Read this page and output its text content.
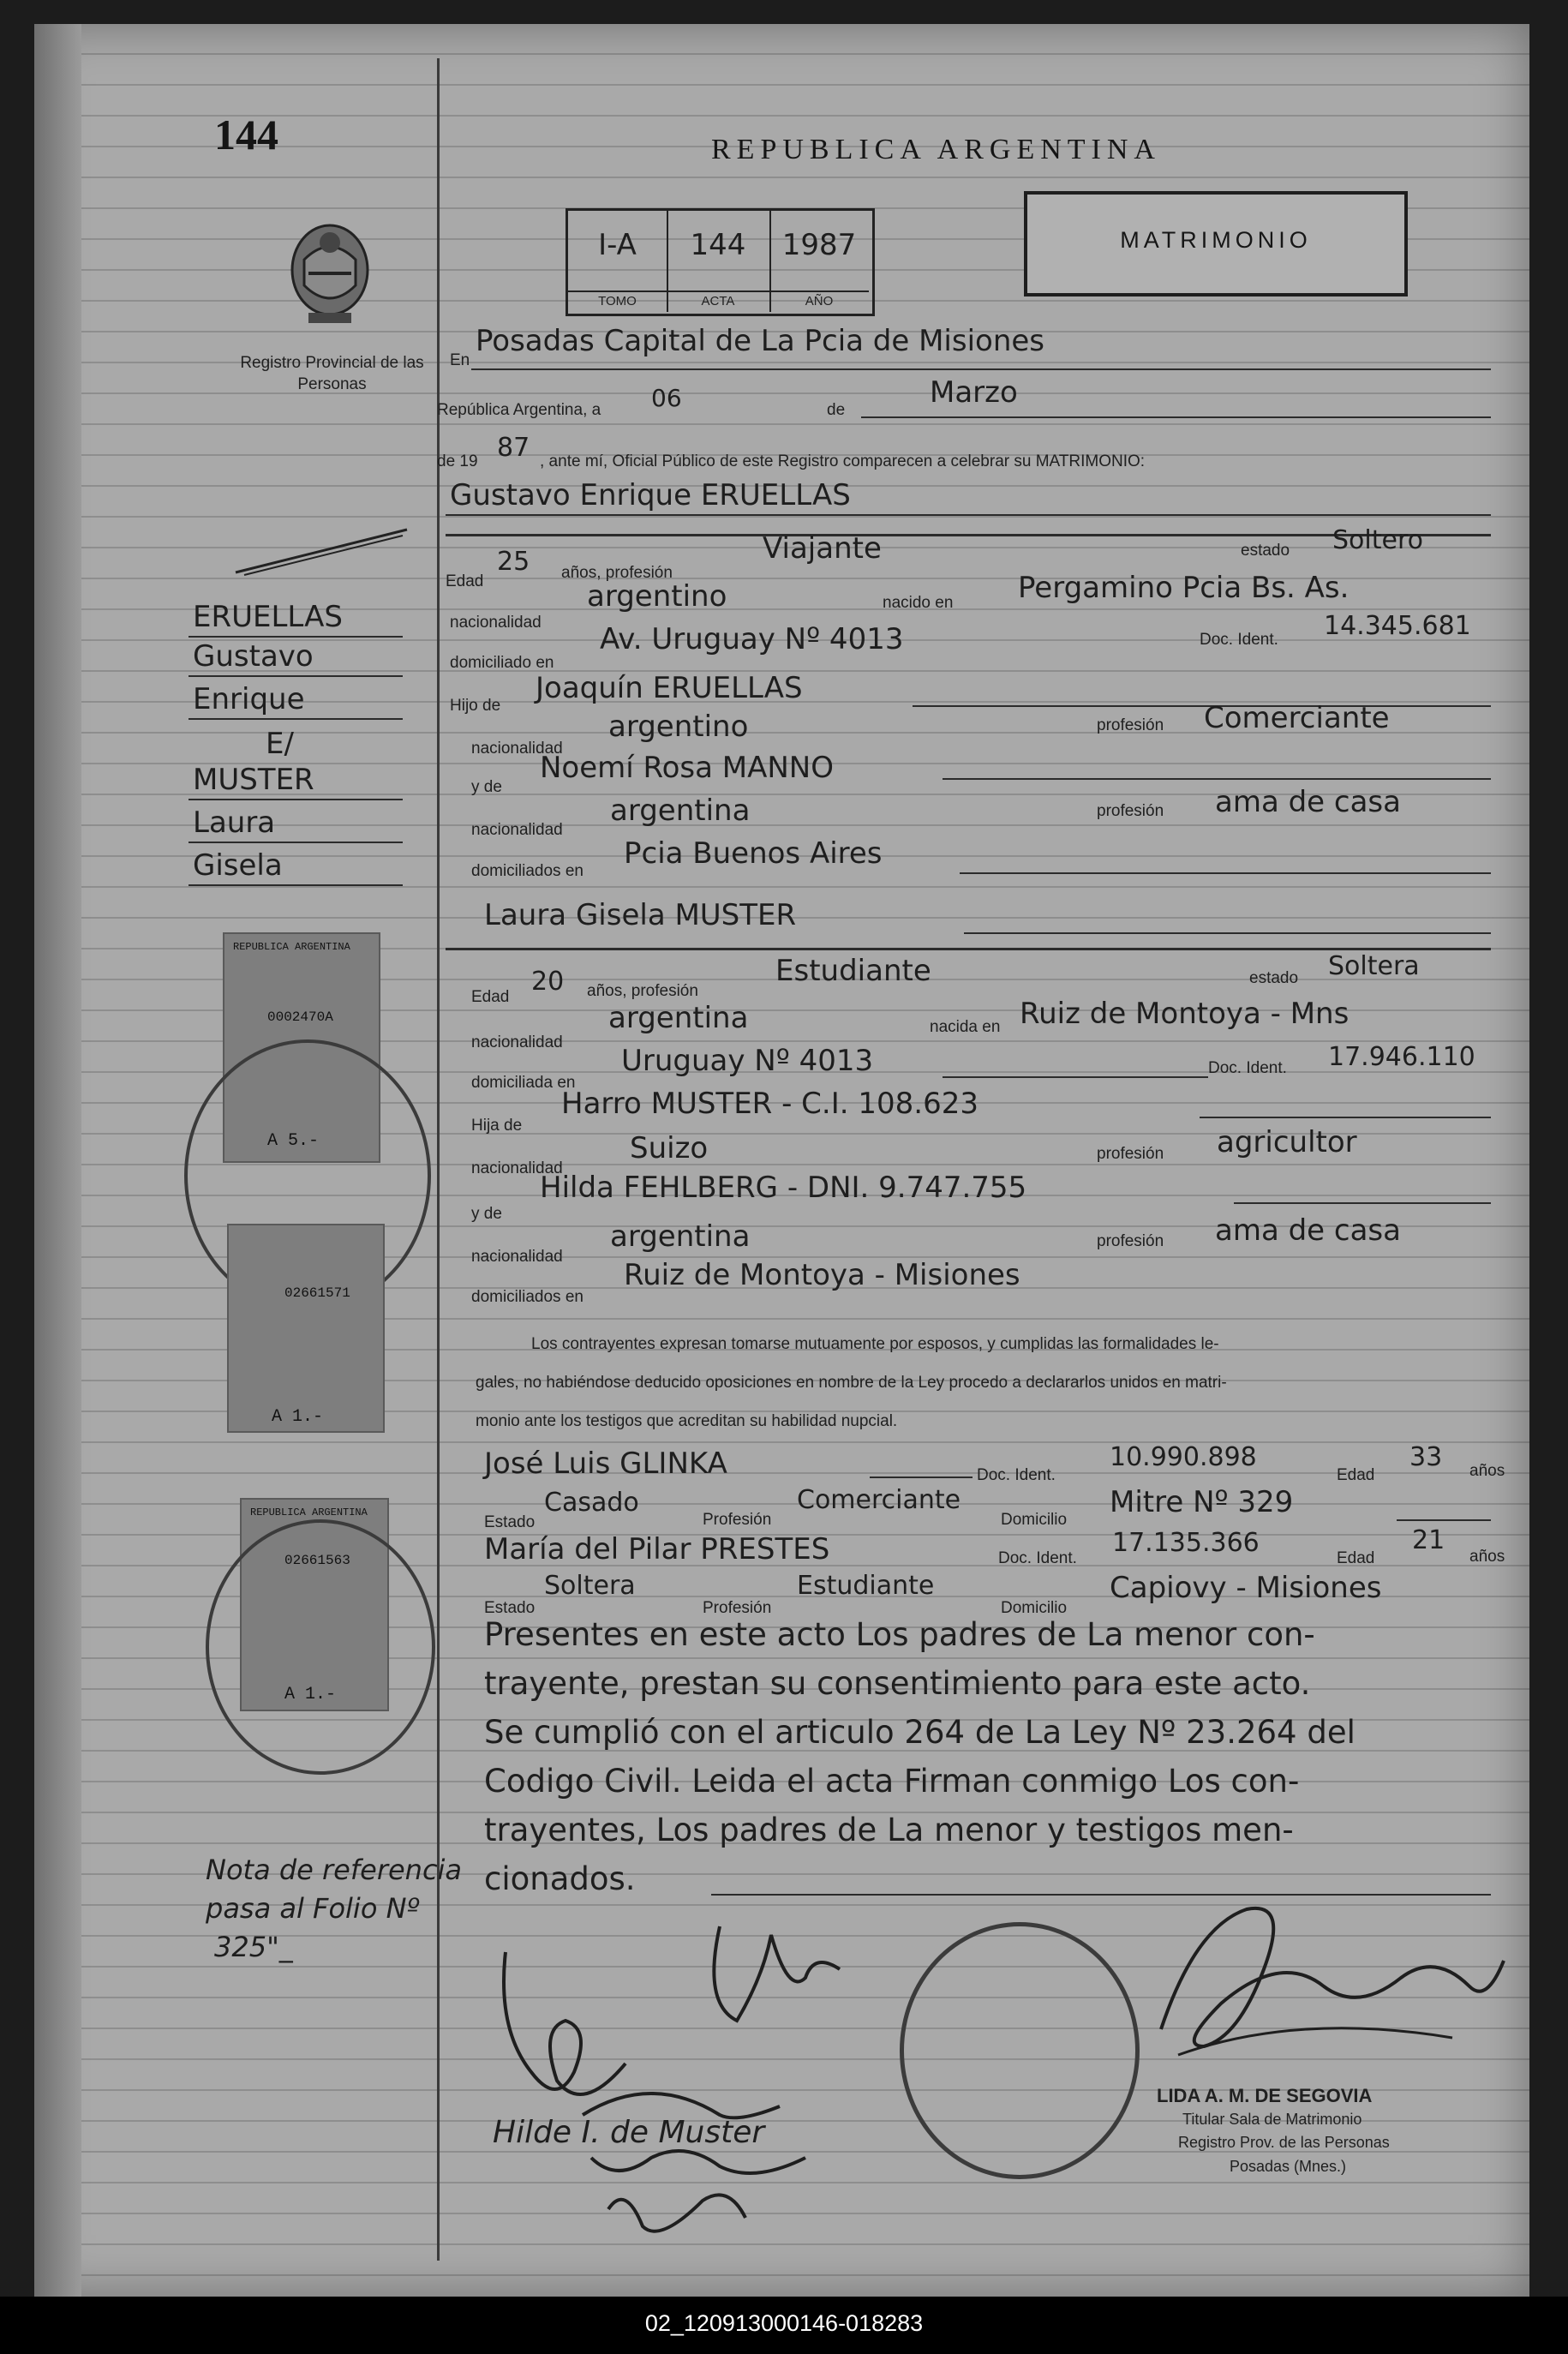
144	REPUBLICA ARGENTINA
Registro Provincial de las Personas
I-A
TOMO
144
ACTA
1987
AÑO
MATRIMONIO
ERUELLAS
Gustavo
Enrique
E/
MUSTER
Laura
Gisela
REPUBLICA ARGENTINA
0002470A
A 5.-
02661571
A 1.-
REPUBLICA ARGENTINA
02661563
A 1.-
Nota de referencia
pasa al Folio Nº
325"_
En
Posadas Capital de La Pcia de Misiones
República Argentina, a 06	de
Marzo
de 19 87 , ante mí, Oficial Público de este Registro comparecen a celebrar su MATRIMONIO:
Gustavo Enrique ERUELLAS
Edad
25 años, profesión
Viajante	estado Soltero
nacionalidad
argentino	nacido en Pergamino Pcia Bs. As.
domiciliado en
Av. Uruguay Nº 4013	Doc. Ident. 14.345.681
Hijo de
Joaquín ERUELLAS
nacionalidad
argentino	profesión Comerciante
y de
Noemí Rosa MANNO
nacionalidad
argentina	profesión ama de casa
domiciliados en
Pcia Buenos Aires
Laura Gisela MUSTER
Edad
20 años, profesión
Estudiante	estado Soltera
nacionalidad
argentina	nacida en Ruiz de Montoya - Mns
domiciliada en
Uruguay Nº 4013	Doc. Ident. 17.946.110
Hija de
Harro MUSTER - C.I. 108.623
nacionalidad
Suizo	profesión agricultor
y de
Hilda FEHLBERG - DNI. 9.747.755
nacionalidad
argentina	profesión ama de casa
domiciliados en
Ruiz de Montoya - Misiones
Los contrayentes expresan tomarse mutuamente por esposos, y cumplidas las formalidades le-
gales, no habiéndose deducido oposiciones en nombre de la Ley procedo a declararlos unidos en matri-
monio ante los testigos que acreditan su habilidad nupcial.
José Luis GLINKA	Doc. Ident.
10.990.898
Edad
33 años
Estado
Casado
Profesión
Comerciante
Domicilio
Mitre Nº 329
María del Pilar PRESTES	Doc. Ident.
17.135.366
Edad
21
años
Estado
Soltera
Profesión
Estudiante
Domicilio
Capiovy - Misiones
Presentes en este acto Los padres de La menor con-
trayente, prestan su consentimiento para este acto.
Se cumplió con el articulo 264 de La Ley Nº 23.264 del
Codigo Civil. Leida el acta Firman conmigo Los con-
trayentes, Los padres de La menor y testigos men-
cionados.
Hilde I. de Muster
LIDA A. M. DE SEGOVIA
Titular Sala de Matrimonio
Registro Prov. de las Personas
Posadas (Mnes.)
02_120913000146-018283
